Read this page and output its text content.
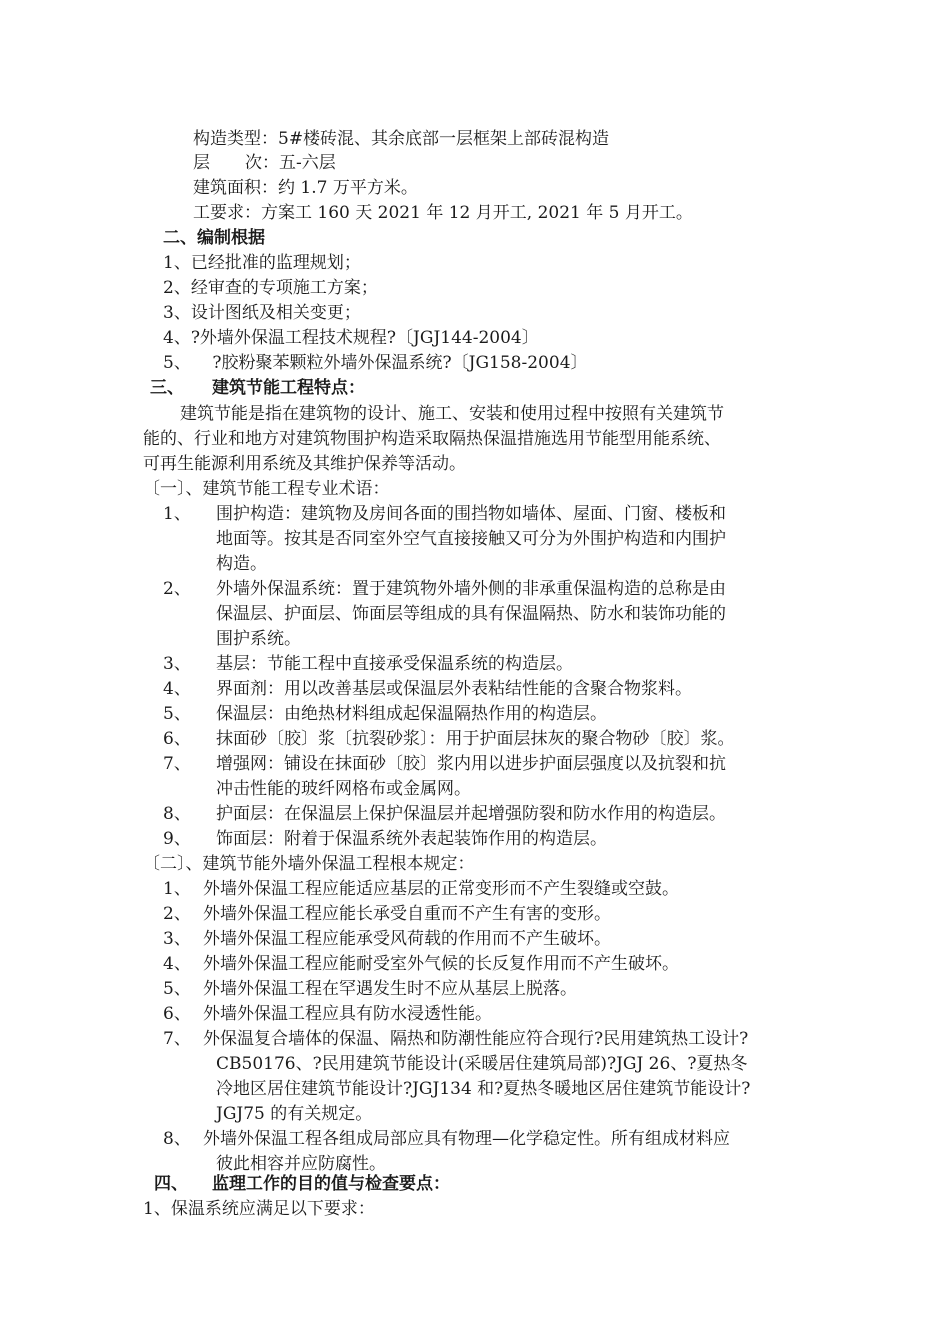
构造类型：5#楼砖混、其余底部一层框架上部砖混构造
层 次：五-六层
建筑面积：约 1.7 万平方米。
工要求：方案工 160 天 2021 年 12 月开工, 2021 年 5 月开工。
二、编制根据
1、已经批准的监理规划；
2、经审查的专项施工方案；
3、设计图纸及相关变更；
4、?外墙外保温工程技术规程?〔JGJ144-2004〕
5、    ?胶粉聚苯颗粒外墙外保温系统?〔JG158-2004〕
三、 建筑节能工程特点：
建筑节能是指在建筑物的设计、施工、安装和使用过程中按照有关建筑节
能的、行业和地方对建筑物围护构造采取隔热保温措施选用节能型用能系统、
可再生能源利用系统及其维护保养等活动。
〔一〕、建筑节能工程专业术语：
1、 围护构造：建筑物及房间各面的围挡物如墙体、屋面、门窗、楼板和
地面等。按其是否同室外空气直接接触又可分为外围护构造和内围护
构造。
2、 外墙外保温系统：置于建筑物外墙外侧的非承重保温构造的总称是由
保温层、护面层、饰面层等组成的具有保温隔热、防水和装饰功能的
围护系统。
3、 基层：节能工程中直接承受保温系统的构造层。
4、 界面剂：用以改善基层或保温层外表粘结性能的含聚合物浆料。
5、 保温层：由绝热材料组成起保温隔热作用的构造层。
6、 抹面砂〔胶〕浆〔抗裂砂浆〕：用于护面层抹灰的聚合物砂〔胶〕浆。
7、 增强网：铺设在抹面砂〔胶〕浆内用以进步护面层强度以及抗裂和抗
冲击性能的玻纤网格布或金属网。
8、 护面层：在保温层上保护保温层并起增强防裂和防水作用的构造层。
9、 饰面层：附着于保温系统外表起装饰作用的构造层。
〔二〕、建筑节能外墙外保温工程根本规定：
1、 外墙外保温工程应能适应基层的正常变形而不产生裂缝或空鼓。
2、 外墙外保温工程应能长承受自重而不产生有害的变形。
3、 外墙外保温工程应能承受风荷载的作用而不产生破坏。
4、 外墙外保温工程应能耐受室外气候的长反复作用而不产生破坏。
5、 外墙外保温工程在罕遇发生时不应从基层上脱落。
6、 外墙外保温工程应具有防水浸透性能。
7、 外保温复合墙体的保温、隔热和防潮性能应符合现行?民用建筑热工设计?
CB50176、?民用建筑节能设计(采暖居住建筑局部)?JGJ 26、?夏热冬
冷地区居住建筑节能设计?JGJ134 和?夏热冬暖地区居住建筑节能设计?
JGJ75 的有关规定。
8、 外墙外保温工程各组成局部应具有物理—化学稳定性。所有组成材料应
彼此相容并应防腐性。
四、 监理工作的目的值与检查要点：
1、保温系统应满足以下要求：
